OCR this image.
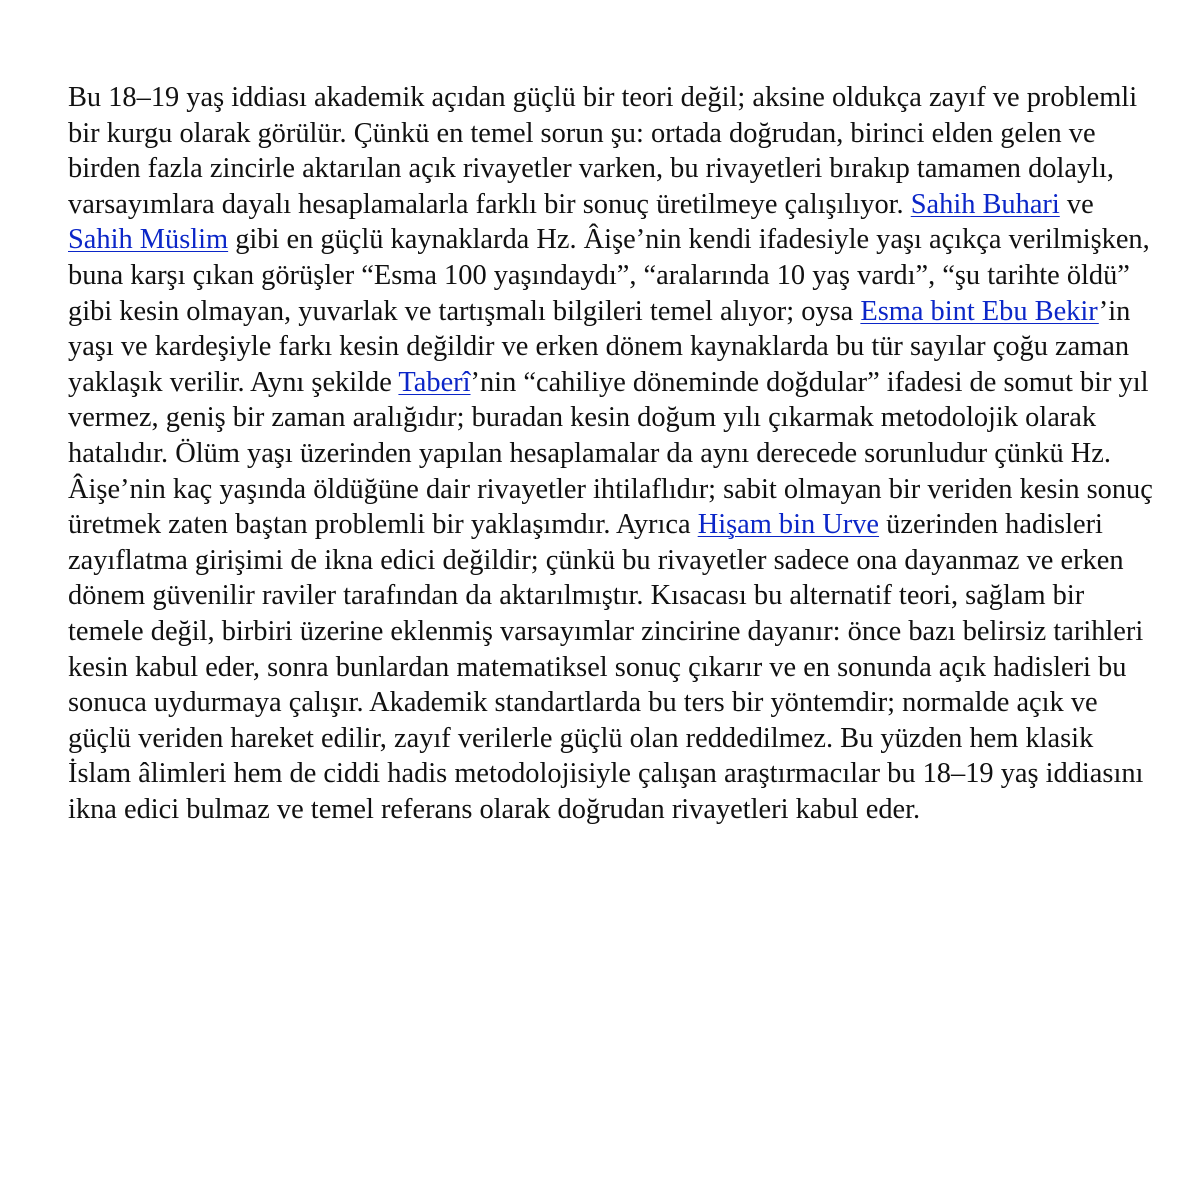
Bu 18–19 yaş iddiası akademik açıdan güçlü bir teori değil; aksine oldukça zayıf ve problemli bir kurgu olarak görülür. Çünkü en temel sorun şu: ortada doğrudan, birinci elden gelen ve birden fazla zincirle aktarılan açık rivayetler varken, bu rivayetleri bırakıp tamamen dolaylı, varsayımlara dayalı hesaplamalarla farklı bir sonuç üretilmeye çalışılıyor. Sahih Buhari ve Sahih Müslim gibi en güçlü kaynaklarda Hz. Âişe’nin kendi ifadesiyle yaşı açıkça verilmişken, buna karşı çıkan görüşler “Esma 100 yaşındaydı”, “aralarında 10 yaş vardı”, “şu tarihte öldü” gibi kesin olmayan, yuvarlak ve tartışmalı bilgileri temel alıyor; oysa Esma bint Ebu Bekir’in yaşı ve kardeşiyle farkı kesin değildir ve erken dönem kaynaklarda bu tür sayılar çoğu zaman yaklaşık verilir. Aynı şekilde Taberî’nin “cahiliye döneminde doğdular” ifadesi de somut bir yıl vermez, geniş bir zaman aralığıdır; buradan kesin doğum yılı çıkarmak metodolojik olarak hatalıdır. Ölüm yaşı üzerinden yapılan hesaplamalar da aynı derecede sorunludur çünkü Hz. Âişe’nin kaç yaşında öldüğüne dair rivayetler ihtilaflıdır; sabit olmayan bir veriden kesin sonuç üretmek zaten baştan problemli bir yaklaşımdır. Ayrıca Hişam bin Urve üzerinden hadisleri zayıflatma girişimi de ikna edici değildir; çünkü bu rivayetler sadece ona dayanmaz ve erken dönem güvenilir raviler tarafından da aktarılmıştır. Kısacası bu alternatif teori, sağlam bir temele değil, birbiri üzerine eklenmiş varsayımlar zincirine dayanır: önce bazı belirsiz tarihleri kesin kabul eder, sonra bunlardan matematiksel sonuç çıkarır ve en sonunda açık hadisleri bu sonuca uydurmaya çalışır. Akademik standartlarda bu ters bir yöntemdir; normalde açık ve güçlü veriden hareket edilir, zayıf verilerle güçlü olan reddedilmez. Bu yüzden hem klasik İslam âlimleri hem de ciddi hadis metodolojisiyle çalışan araştırmacılar bu 18–19 yaş iddiasını ikna edici bulmaz ve temel referans olarak doğrudan rivayetleri kabul eder.
